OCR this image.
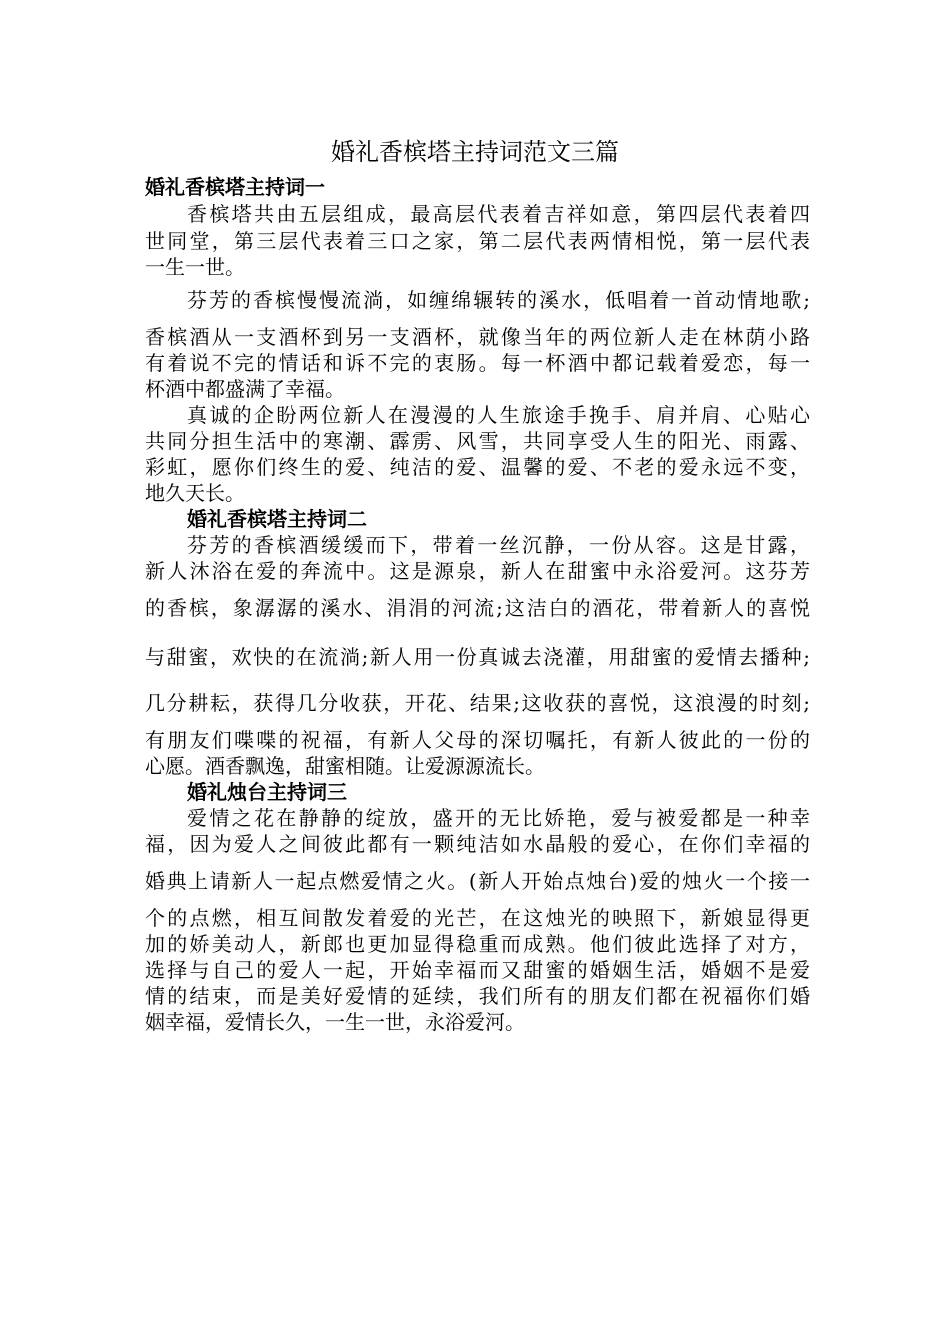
婚礼香槟塔主持词范文三篇
婚礼香槟塔主持词一
香槟塔共由五层组成，最高层代表着吉祥如意，第四层代表着四
世同堂，第三层代表着三口之家，第二层代表两情相悦，第一层代表
一生一世。
芬芳的香槟慢慢流淌，如缠绵辗转的溪水，低唱着一首动情地歌;
香槟酒从一支酒杯到另一支酒杯，就像当年的两位新人走在林荫小路
有着说不完的情话和诉不完的衷肠。每一杯酒中都记载着爱恋，每一
杯酒中都盛满了幸福。
真诚的企盼两位新人在漫漫的人生旅途手挽手、肩并肩、心贴心
共同分担生活中的寒潮、霹雳、风雪，共同享受人生的阳光、雨露、
彩虹，愿你们终生的爱、纯洁的爱、温馨的爱、不老的爱永远不变，
地久天长。
婚礼香槟塔主持词二
芬芳的香槟酒缓缓而下，带着一丝沉静，一份从容。这是甘露，
新人沐浴在爱的奔流中。这是源泉，新人在甜蜜中永浴爱河。这芬芳
的香槟，象潺潺的溪水、涓涓的河流;这洁白的酒花，带着新人的喜悦
与甜蜜，欢快的在流淌;新人用一份真诚去浇灌，用甜蜜的爱情去播种;
几分耕耘，获得几分收获，开花、结果;这收获的喜悦，这浪漫的时刻;
有朋友们喋喋的祝福，有新人父母的深切嘱托，有新人彼此的一份的
心愿。酒香飘逸，甜蜜相随。让爱源源流长。
婚礼烛台主持词三
爱情之花在静静的绽放，盛开的无比娇艳，爱与被爱都是一种幸
福，因为爱人之间彼此都有一颗纯洁如水晶般的爱心，在你们幸福的
婚典上请新人一起点燃爱情之火。(新人开始点烛台)爱的烛火一个接一
个的点燃，相互间散发着爱的光芒，在这烛光的映照下，新娘显得更
加的娇美动人，新郎也更加显得稳重而成熟。他们彼此选择了对方，
选择与自己的爱人一起，开始幸福而又甜蜜的婚姻生活，婚姻不是爱
情的结束，而是美好爱情的延续，我们所有的朋友们都在祝福你们婚
姻幸福，爱情长久，一生一世，永浴爱河。
